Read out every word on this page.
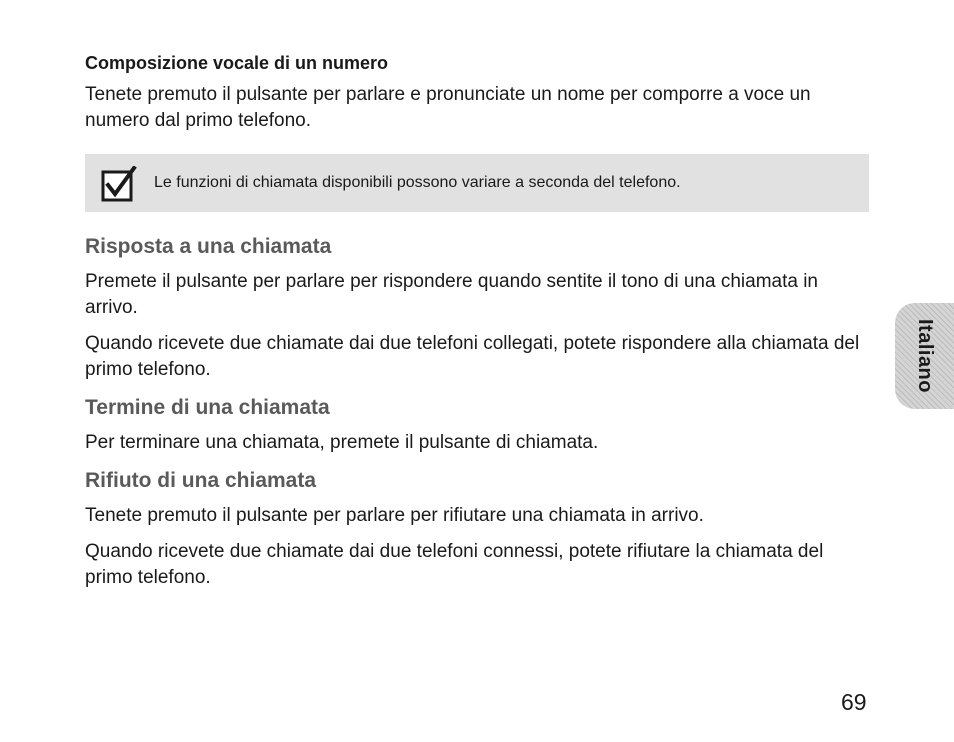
Composizione vocale di un numero
Tenete premuto il pulsante per parlare e pronunciate un nome per comporre a voce un numero dal primo telefono.
Le funzioni di chiamata disponibili possono variare a seconda del telefono.
Risposta a una chiamata
Premete il pulsante per parlare per rispondere quando sentite il tono di una chiamata in arrivo.
Quando ricevete due chiamate dai due telefoni collegati, potete rispondere alla chiamata del primo telefono.
Termine di una chiamata
Per terminare una chiamata, premete il pulsante di chiamata.
Rifiuto di una chiamata
Tenete premuto il pulsante per parlare per rifiutare una chiamata in arrivo.
Quando ricevete due chiamate dai due telefoni connessi, potete rifiutare la chiamata del primo telefono.
Italiano
69
